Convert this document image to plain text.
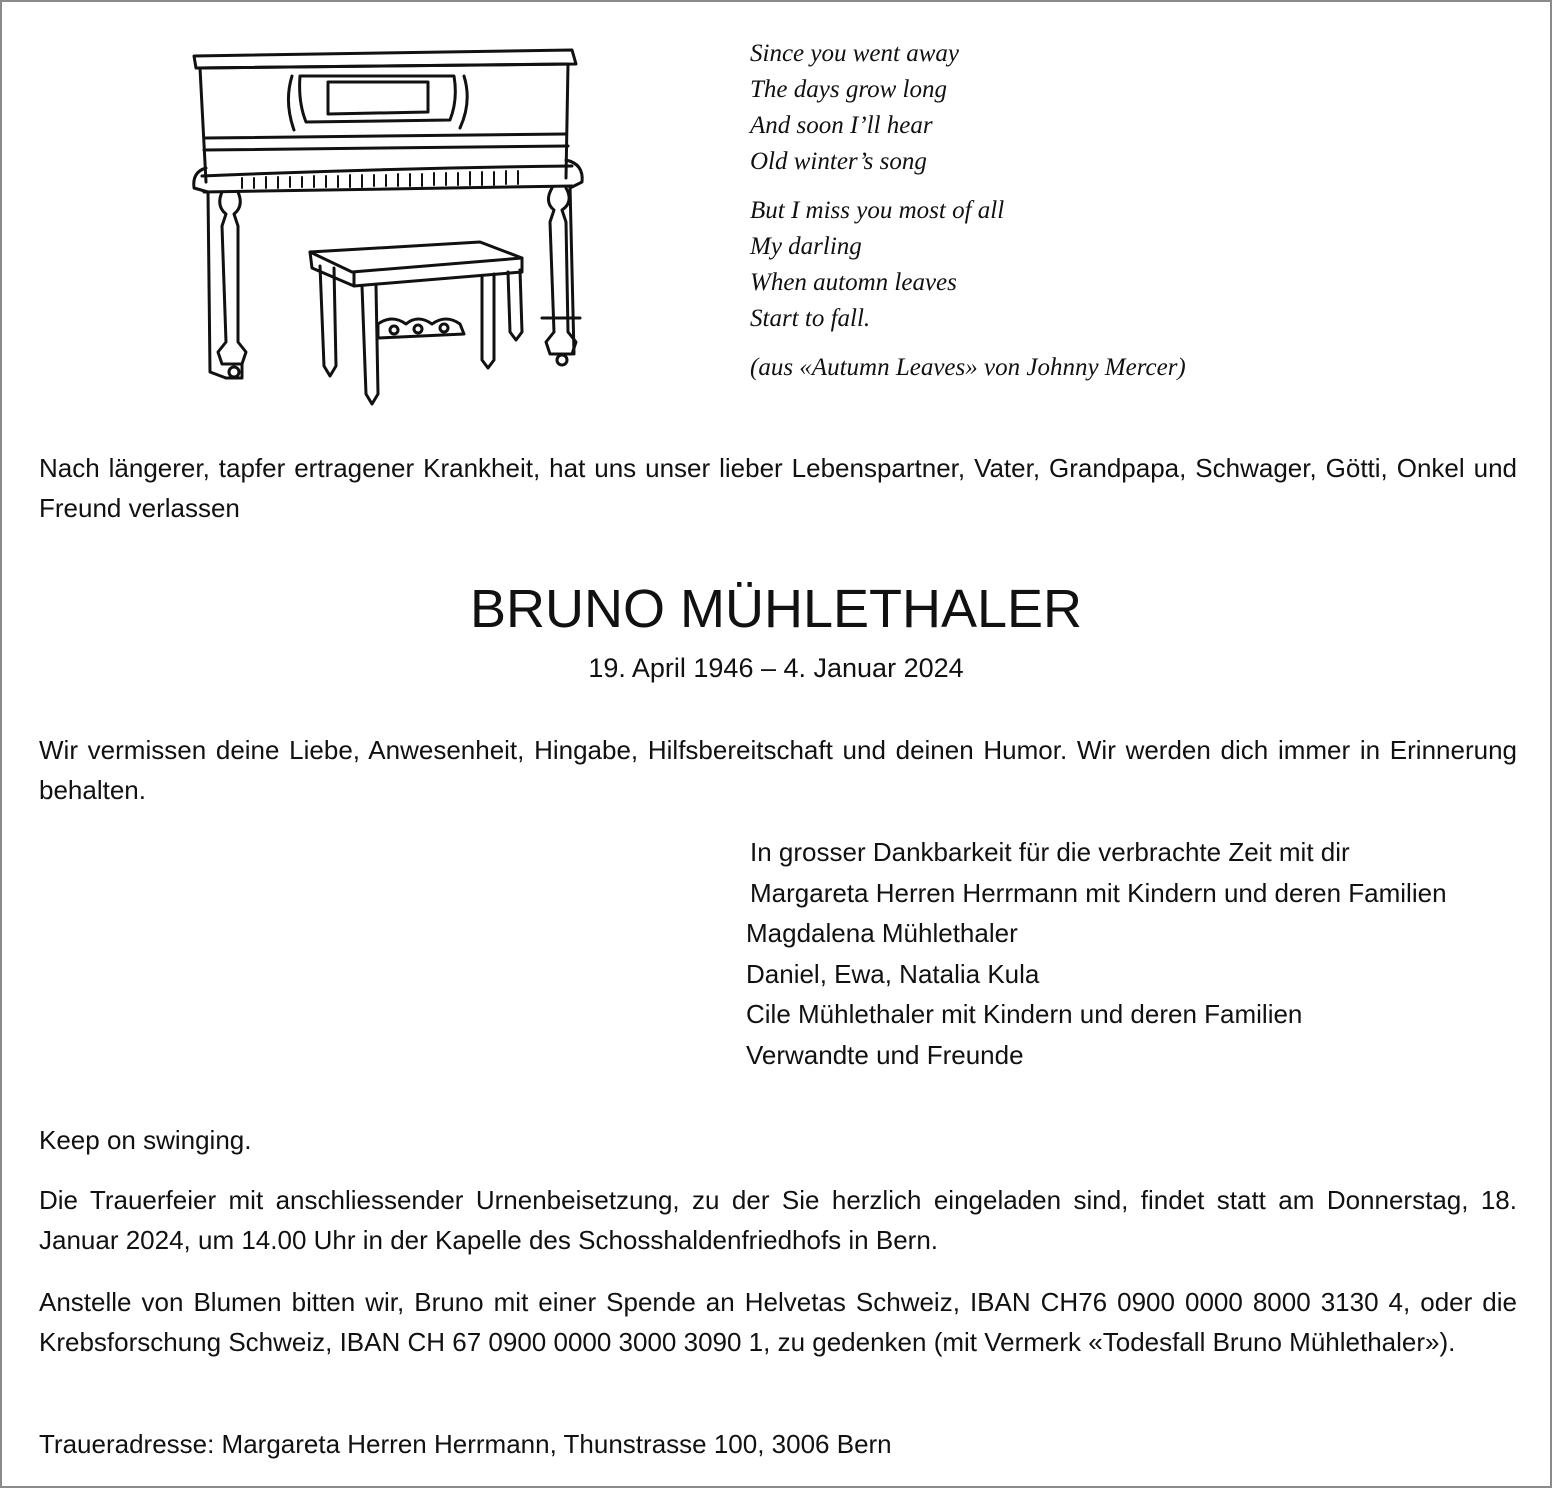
Since you went away
The days grow long
And soon I’ll hear
Old winter’s song
But I miss you most of all
My darling
When automn leaves
Start to fall.
(aus «Autumn Leaves» von Johnny Mercer)

Nach längerer, tapfer ertragener Krankheit, hat uns unser lieber Lebenspartner, Vater, Grandpapa, Schwager, Götti, Onkel und Freund verlassen

BRUNO MÜHLETHALER
19. April 1946 – 4. Januar 2024

Wir vermissen deine Liebe, Anwesenheit, Hingabe, Hilfsbereitschaft und deinen Humor. Wir werden dich immer in Erinnerung behalten.

In grosser Dankbarkeit für die verbrachte Zeit mit dir
Margareta Herren Herrmann mit Kindern und deren Familien
Magdalena Mühlethaler
Daniel, Ewa, Natalia Kula
Cile Mühlethaler mit Kindern und deren Familien
Verwandte und Freunde

Keep on swinging.

Die Trauerfeier mit anschliessender Urnenbeisetzung, zu der Sie herzlich eingeladen sind, findet statt am Donnerstag, 18. Januar 2024, um 14.00 Uhr in der Kapelle des Schosshaldenfriedhofs in Bern.

Anstelle von Blumen bitten wir, Bruno mit einer Spende an Helvetas Schweiz, IBAN CH76 0900 0000 8000 3130 4, oder die Krebsforschung Schweiz, IBAN CH 67 0900 0000 3000 3090 1, zu gedenken (mit Vermerk «Todesfall Bruno Mühlethaler»).

Traueradresse: Margareta Herren Herrmann, Thunstrasse 100, 3006 Bern
